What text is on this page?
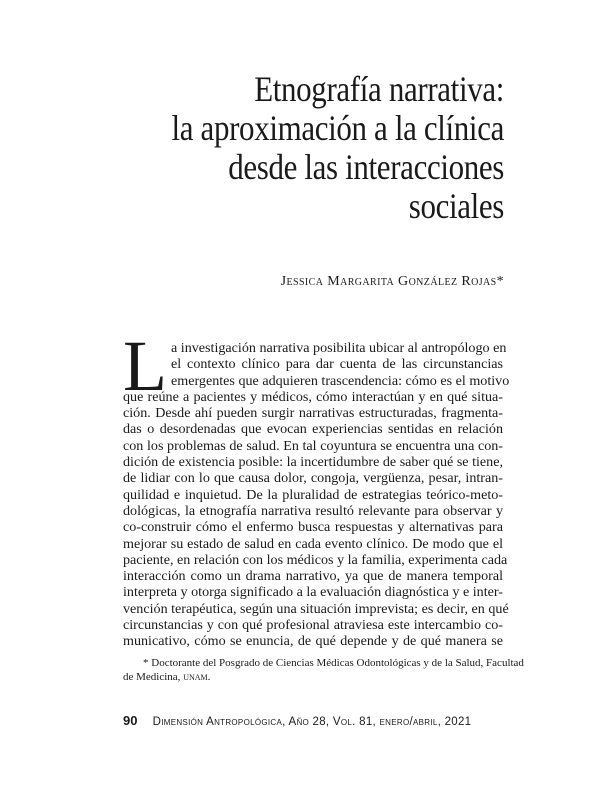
Etnografía narrativa:
la aproximación a la clínica
desde las interacciones
sociales
Jessica Margarita González Rojas*
L a investigación narrativa posibilita ubicar al antropólogo en
el contexto clínico para dar cuenta de las circunstancias
emergentes que adquieren trascendencia: cómo es el motivo
que reúne a pacientes y médicos, cómo interactúan y en qué situa-
ción. Desde ahí pueden surgir narrativas estructuradas, fragmenta-
das o desordenadas que evocan experiencias sentidas en relación
con los problemas de salud. En tal coyuntura se encuentra una con-
dición de existencia posible: la incertidumbre de saber qué se tiene,
de lidiar con lo que causa dolor, congoja, vergüenza, pesar, intran-
quilidad e inquietud. De la pluralidad de estrategias teórico-meto-
dológicas, la etnografía narrativa resultó relevante para observar y
co-construir cómo el enfermo busca respuestas y alternativas para
mejorar su estado de salud en cada evento clínico. De modo que el
paciente, en relación con los médicos y la familia, experimenta cada
interacción como un drama narrativo, ya que de manera temporal
interpreta y otorga significado a la evaluación diagnóstica y e inter-
vención terapéutica, según una situación imprevista; es decir, en qué
circunstancias y con qué profesional atraviesa este intercambio co-
municativo, cómo se enuncia, de qué depende y de qué manera se
* Doctorante del Posgrado de Ciencias Médicas Odontológicas y de la Salud, Facultad
de Medicina, unam.
90 Dimensión Antropológica, Año 28, Vol. 81, enero/abril, 2021
